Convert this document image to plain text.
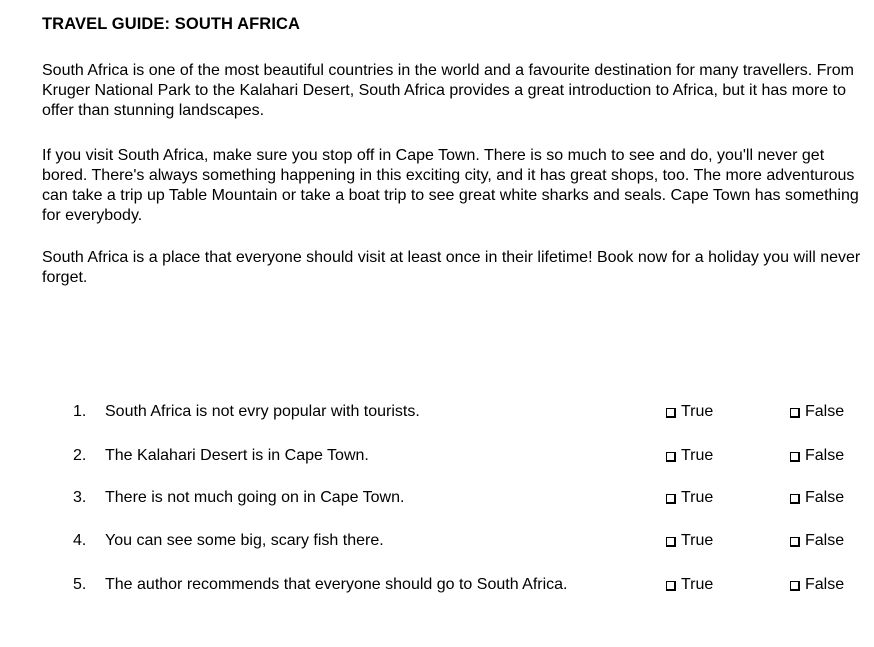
TRAVEL GUIDE: SOUTH AFRICA

South Africa is one of the most beautiful countries in the world and a favourite destination for many travellers. From Kruger National Park to the Kalahari Desert, South Africa provides a great introduction to Africa, but it has more to offer than stunning landscapes.

If you visit South Africa, make sure you stop off in Cape Town. There is so much to see and do, you'll never get bored. There's always something happening in this exciting city, and it has great shops, too. The more adventurous can take a trip up Table Mountain or take a boat trip to see great white sharks and seals. Cape Town has something for everybody.

South Africa is a place that everyone should visit at least once in their lifetime! Book now for a holiday you will never forget.

1. South Africa is not evry popular with tourists.	True	False
2. The Kalahari Desert is in Cape Town.	True	False
3. There is not much going on in Cape Town.	True	False
4. You can see some big, scary fish there.	True	False
5. The author recommends that everyone should go to South Africa.	True	False
